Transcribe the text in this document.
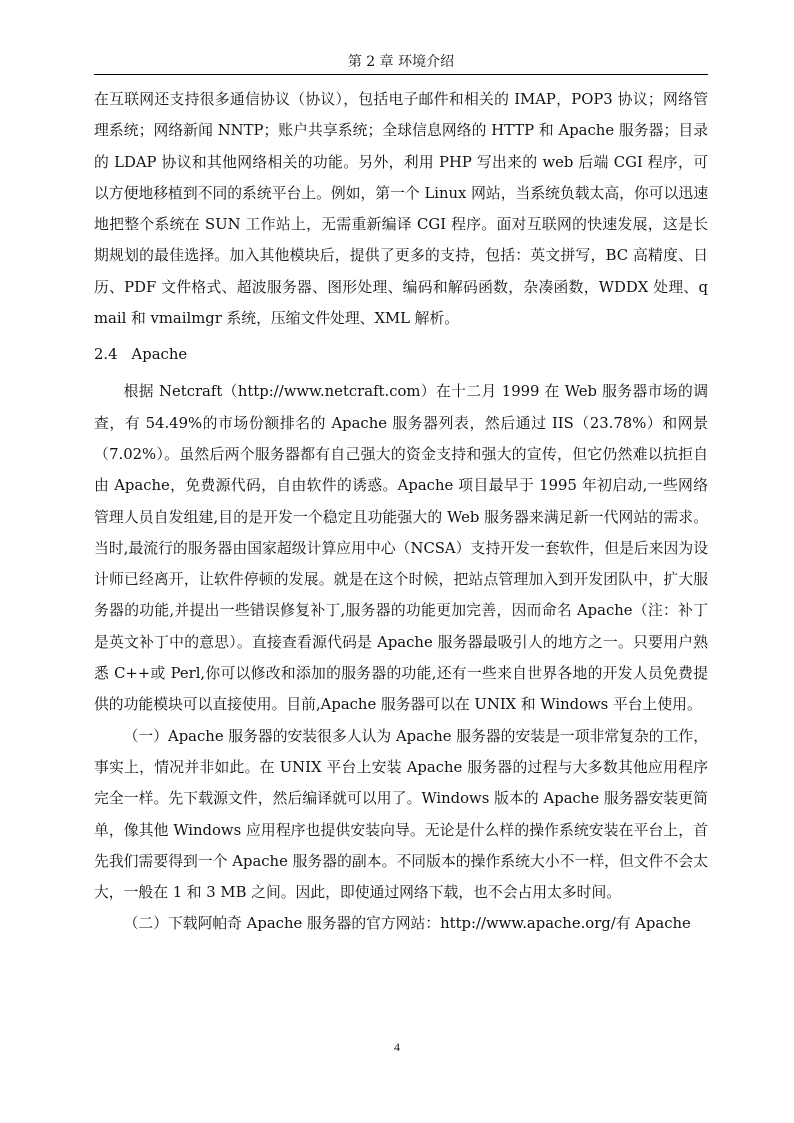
第 2 章 环境介绍

在互联网还支持很多通信协议（协议），包括电子邮件和相关的 IMAP，POP3 协议；网络管理系统；网络新闻 NNTP；账户共享系统；全球信息网络的 HTTP 和 Apache 服务器；目录的 LDAP 协议和其他网络相关的功能。另外，利用 PHP 写出来的 web 后端 CGI 程序，可以方便地移植到不同的系统平台上。例如，第一个 Linux 网站，当系统负载太高，你可以迅速地把整个系统在 SUN 工作站上，无需重新编译 CGI 程序。面对互联网的快速发展，这是长期规划的最佳选择。加入其他模块后，提供了更多的支持，包括：英文拼写，BC 高精度、日历、PDF 文件格式、超波服务器、图形处理、编码和解码函数，杂凑函数，WDDX 处理、qmail 和 vmailmgr 系统，压缩文件处理、XML 解析。

2.4 Apache

根据 Netcraft（http://www.netcraft.com）在十二月 1999 在 Web 服务器市场的调查，有 54.49%的市场份额排名的 Apache 服务器列表，然后通过 IIS（23.78%）和网景（7.02%）。虽然后两个服务器都有自己强大的资金支持和强大的宣传，但它仍然难以抗拒自由 Apache，免费源代码，自由软件的诱惑。Apache 项目最早于 1995 年初启动,一些网络管理人员自发组建,目的是开发一个稳定且功能强大的 Web 服务器来满足新一代网站的需求。当时,最流行的服务器由国家超级计算应用中心（NCSA）支持开发一套软件，但是后来因为设计师已经离开，让软件停顿的发展。就是在这个时候，把站点管理加入到开发团队中，扩大服务器的功能,并提出一些错误修复补丁,服务器的功能更加完善，因而命名 Apache（注：补丁是英文补丁中的意思）。直接查看源代码是 Apache 服务器最吸引人的地方之一。只要用户熟悉 C++或 Perl,你可以修改和添加的服务器的功能,还有一些来自世界各地的开发人员免费提供的功能模块可以直接使用。目前,Apache 服务器可以在 UNIX 和 Windows 平台上使用。

（一）Apache 服务器的安装很多人认为 Apache 服务器的安装是一项非常复杂的工作，事实上，情况并非如此。在 UNIX 平台上安装 Apache 服务器的过程与大多数其他应用程序完全一样。先下载源文件，然后编译就可以用了。Windows 版本的 Apache 服务器安装更简单，像其他 Windows 应用程序也提供安装向导。无论是什么样的操作系统安装在平台上，首先我们需要得到一个 Apache 服务器的副本。不同版本的操作系统大小不一样，但文件不会太大，一般在 1 和 3 MB 之间。因此，即使通过网络下载，也不会占用太多时间。

（二）下载阿帕奇 Apache 服务器的官方网站：http://www.apache.org/有 Apache

4
